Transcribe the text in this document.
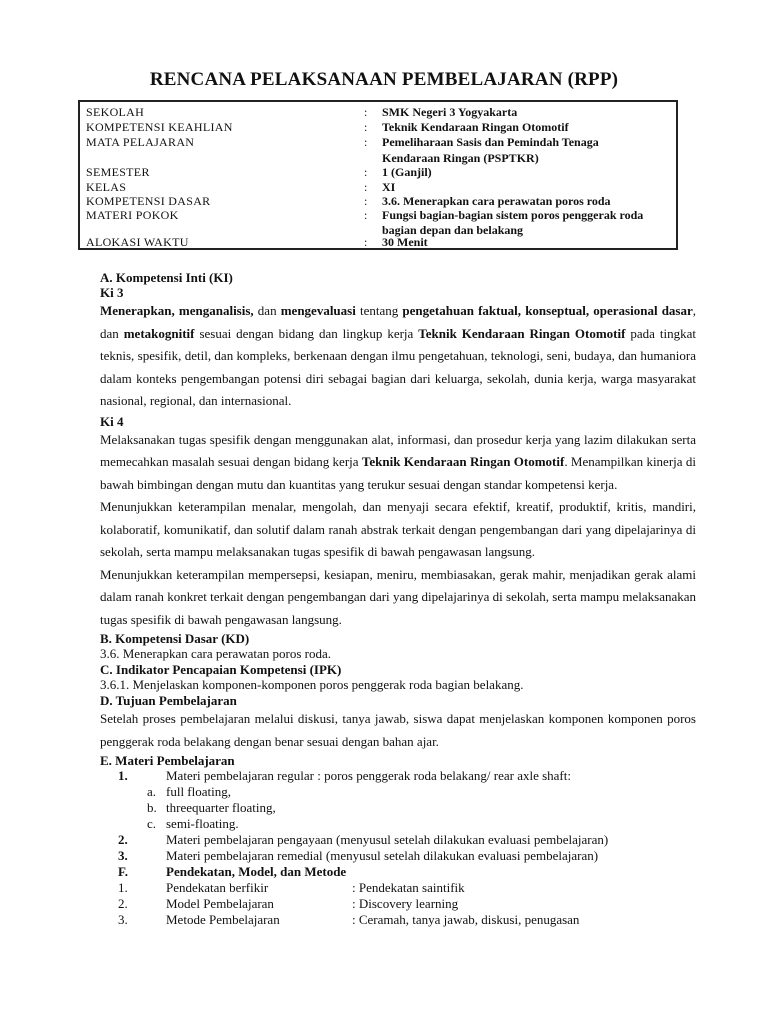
RENCANA PELAKSANAAN PEMBELAJARAN (RPP)
SEKOLAH	: SMK Negeri 3 Yogyakarta
KOMPETENSI KEAHLIAN	: Teknik Kendaraan Ringan Otomotif
MATA PELAJARAN	: Pemeliharaan Sasis dan Pemindah Tenaga
Kendaraan Ringan (PSPTKR)
SEMESTER	: 1 (Ganjil)
KELAS	: XI
KOMPETENSI DASAR	: 3.6. Menerapkan cara perawatan poros roda
MATERI POKOK	: Fungsi bagian-bagian sistem poros penggerak roda
bagian depan dan belakang
ALOKASI WAKTU	: 30 Menit
A. Kompetensi Inti (KI)
Ki 3
Menerapkan, menganalisis, dan mengevaluasi tentang pengetahuan faktual, konseptual, operasional dasar, dan metakognitif sesuai dengan bidang dan lingkup kerja Teknik Kendaraan Ringan Otomotif pada tingkat teknis, spesifik, detil, dan kompleks, berkenaan dengan ilmu pengetahuan, teknologi, seni, budaya, dan humaniora dalam konteks pengembangan potensi diri sebagai bagian dari keluarga, sekolah, dunia kerja, warga masyarakat nasional, regional, dan internasional.
Ki 4
Melaksanakan tugas spesifik dengan menggunakan alat, informasi, dan prosedur kerja yang lazim dilakukan serta memecahkan masalah sesuai dengan bidang kerja Teknik Kendaraan Ringan Otomotif. Menampilkan kinerja di bawah bimbingan dengan mutu dan kuantitas yang terukur sesuai dengan standar kompetensi kerja.
Menunjukkan keterampilan menalar, mengolah, dan menyaji secara efektif, kreatif, produktif, kritis, mandiri, kolaboratif, komunikatif, dan solutif dalam ranah abstrak terkait dengan pengembangan dari yang dipelajarinya di sekolah, serta mampu melaksanakan tugas spesifik di bawah pengawasan langsung.
Menunjukkan keterampilan mempersepsi, kesiapan, meniru, membiasakan, gerak mahir, menjadikan gerak alami dalam ranah konkret terkait dengan pengembangan dari yang dipelajarinya di sekolah, serta mampu melaksanakan tugas spesifik di bawah pengawasan langsung.
B. Kompetensi Dasar (KD)
3.6. Menerapkan cara perawatan poros roda.
C. Indikator Pencapaian Kompetensi (IPK)
3.6.1. Menjelaskan komponen-komponen poros penggerak roda bagian belakang.
D. Tujuan Pembelajaran
Setelah proses pembelajaran melalui diskusi, tanya jawab, siswa dapat menjelaskan komponen komponen poros penggerak roda belakang dengan benar sesuai dengan bahan ajar.
E. Materi Pembelajaran
1.	Materi pembelajaran regular : poros penggerak roda belakang/ rear axle shaft:
a. full floating,
b. threequarter floating,
c. semi-floating.
2.	Materi pembelajaran pengayaan (menyusul setelah dilakukan evaluasi pembelajaran)
3.	Materi pembelajaran remedial (menyusul setelah dilakukan evaluasi pembelajaran)
F.	Pendekatan, Model, dan Metode
1.	Pendekatan berfikir	: Pendekatan saintifik
2.	Model Pembelajaran	: Discovery learning
3.	Metode Pembelajaran	: Ceramah, tanya jawab, diskusi, penugasan
